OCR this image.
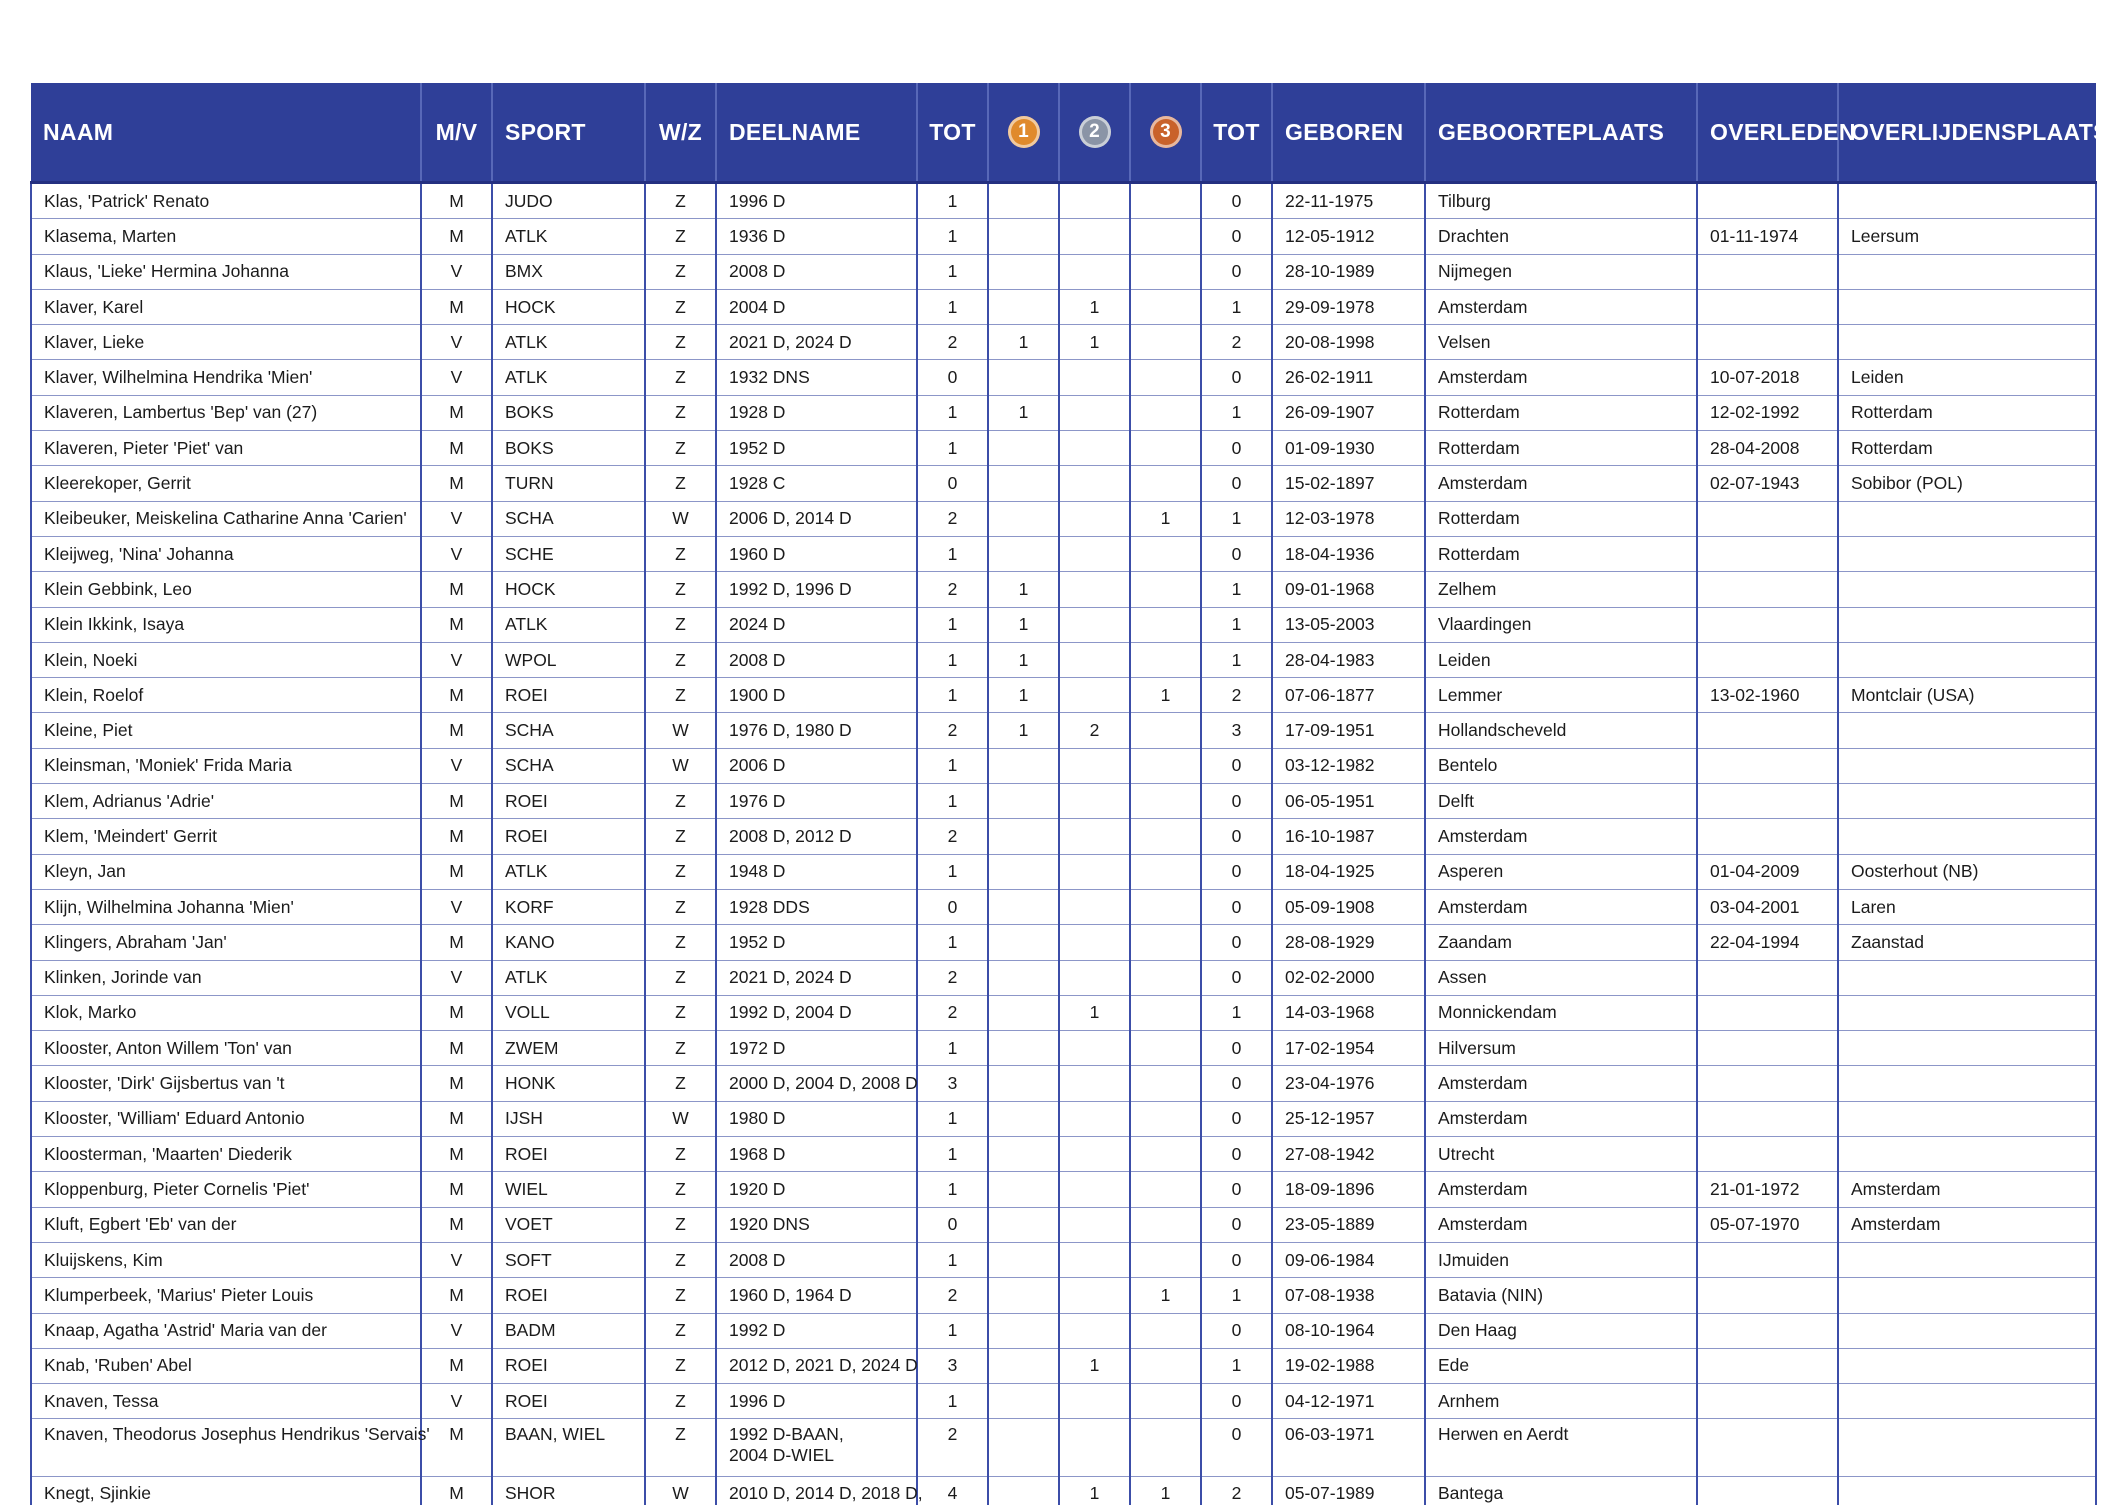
NAAM	M/V	SPORT	W/Z	DEELNAME	TOT	1	2	3	TOT	GEBOREN	GEBOORTEPLAATS	OVERLEDEN	OVERLIJDENSPLAATS
Klas, 'Patrick' Renato	M	JUDO	Z	1996 D	1				0	22-11-1975	Tilburg		
Klasema, Marten	M	ATLK	Z	1936 D	1				0	12-05-1912	Drachten	01-11-1974	Leersum
Klaus, 'Lieke' Hermina Johanna	V	BMX	Z	2008 D	1				0	28-10-1989	Nijmegen		
Klaver, Karel	M	HOCK	Z	2004 D	1		1		1	29-09-1978	Amsterdam		
Klaver, Lieke	V	ATLK	Z	2021 D, 2024 D	2	1	1		2	20-08-1998	Velsen		
Klaver, Wilhelmina Hendrika 'Mien'	V	ATLK	Z	1932 DNS	0				0	26-02-1911	Amsterdam	10-07-2018	Leiden
Klaveren, Lambertus 'Bep' van (27)	M	BOKS	Z	1928 D	1	1			1	26-09-1907	Rotterdam	12-02-1992	Rotterdam
Klaveren, Pieter 'Piet' van	M	BOKS	Z	1952 D	1				0	01-09-1930	Rotterdam	28-04-2008	Rotterdam
Kleerekoper, Gerrit	M	TURN	Z	1928 C	0				0	15-02-1897	Amsterdam	02-07-1943	Sobibor (POL)
Kleibeuker, Meiskelina Catharine Anna 'Carien'	V	SCHA	W	2006 D, 2014 D	2			1	1	12-03-1978	Rotterdam		
Kleijweg, 'Nina' Johanna	V	SCHE	Z	1960 D	1				0	18-04-1936	Rotterdam		
Klein Gebbink, Leo	M	HOCK	Z	1992 D, 1996 D	2	1			1	09-01-1968	Zelhem		
Klein Ikkink, Isaya	M	ATLK	Z	2024 D	1	1			1	13-05-2003	Vlaardingen		
Klein, Noeki	V	WPOL	Z	2008 D	1	1			1	28-04-1983	Leiden		
Klein, Roelof	M	ROEI	Z	1900 D	1	1		1	2	07-06-1877	Lemmer	13-02-1960	Montclair (USA)
Kleine, Piet	M	SCHA	W	1976 D, 1980 D	2	1	2		3	17-09-1951	Hollandscheveld		
Kleinsman, 'Moniek' Frida Maria	V	SCHA	W	2006 D	1				0	03-12-1982	Bentelo		
Klem, Adrianus 'Adrie'	M	ROEI	Z	1976 D	1				0	06-05-1951	Delft		
Klem, 'Meindert' Gerrit	M	ROEI	Z	2008 D, 2012 D	2				0	16-10-1987	Amsterdam		
Kleyn, Jan	M	ATLK	Z	1948 D	1				0	18-04-1925	Asperen	01-04-2009	Oosterhout (NB)
Klijn, Wilhelmina Johanna 'Mien'	V	KORF	Z	1928 DDS	0				0	05-09-1908	Amsterdam	03-04-2001	Laren
Klingers, Abraham 'Jan'	M	KANO	Z	1952 D	1				0	28-08-1929	Zaandam	22-04-1994	Zaanstad
Klinken, Jorinde van	V	ATLK	Z	2021 D, 2024 D	2				0	02-02-2000	Assen		
Klok, Marko	M	VOLL	Z	1992 D, 2004 D	2		1		1	14-03-1968	Monnickendam		
Klooster, Anton Willem 'Ton' van	M	ZWEM	Z	1972 D	1				0	17-02-1954	Hilversum		
Klooster, 'Dirk' Gijsbertus van 't	M	HONK	Z	2000 D, 2004 D, 2008 D	3				0	23-04-1976	Amsterdam		
Klooster, 'William' Eduard Antonio	M	IJSH	W	1980 D	1				0	25-12-1957	Amsterdam		
Kloosterman, 'Maarten' Diederik	M	ROEI	Z	1968 D	1				0	27-08-1942	Utrecht		
Kloppenburg, Pieter Cornelis 'Piet'	M	WIEL	Z	1920 D	1				0	18-09-1896	Amsterdam	21-01-1972	Amsterdam
Kluft, Egbert 'Eb' van der	M	VOET	Z	1920 DNS	0				0	23-05-1889	Amsterdam	05-07-1970	Amsterdam
Kluijskens, Kim	V	SOFT	Z	2008 D	1				0	09-06-1984	IJmuiden		
Klumperbeek, 'Marius' Pieter Louis	M	ROEI	Z	1960 D, 1964 D	2			1	1	07-08-1938	Batavia (NIN)		
Knaap, Agatha 'Astrid' Maria van der	V	BADM	Z	1992 D	1				0	08-10-1964	Den Haag		
Knab, 'Ruben' Abel	M	ROEI	Z	2012 D, 2021 D, 2024 D	3		1		1	19-02-1988	Ede		
Knaven, Tessa	V	ROEI	Z	1996 D	1				0	04-12-1971	Arnhem		
Knaven, Theodorus Josephus Hendrikus 'Servais'	M	BAAN, WIEL	Z	1992 D-BAAN,
2004 D-WIEL	2				0	06-03-1971	Herwen en Aerdt		
Knegt, Sjinkie	M	SHOR	W	2010 D, 2014 D, 2018 D,	4		1	1	2	05-07-1989	Bantega		
